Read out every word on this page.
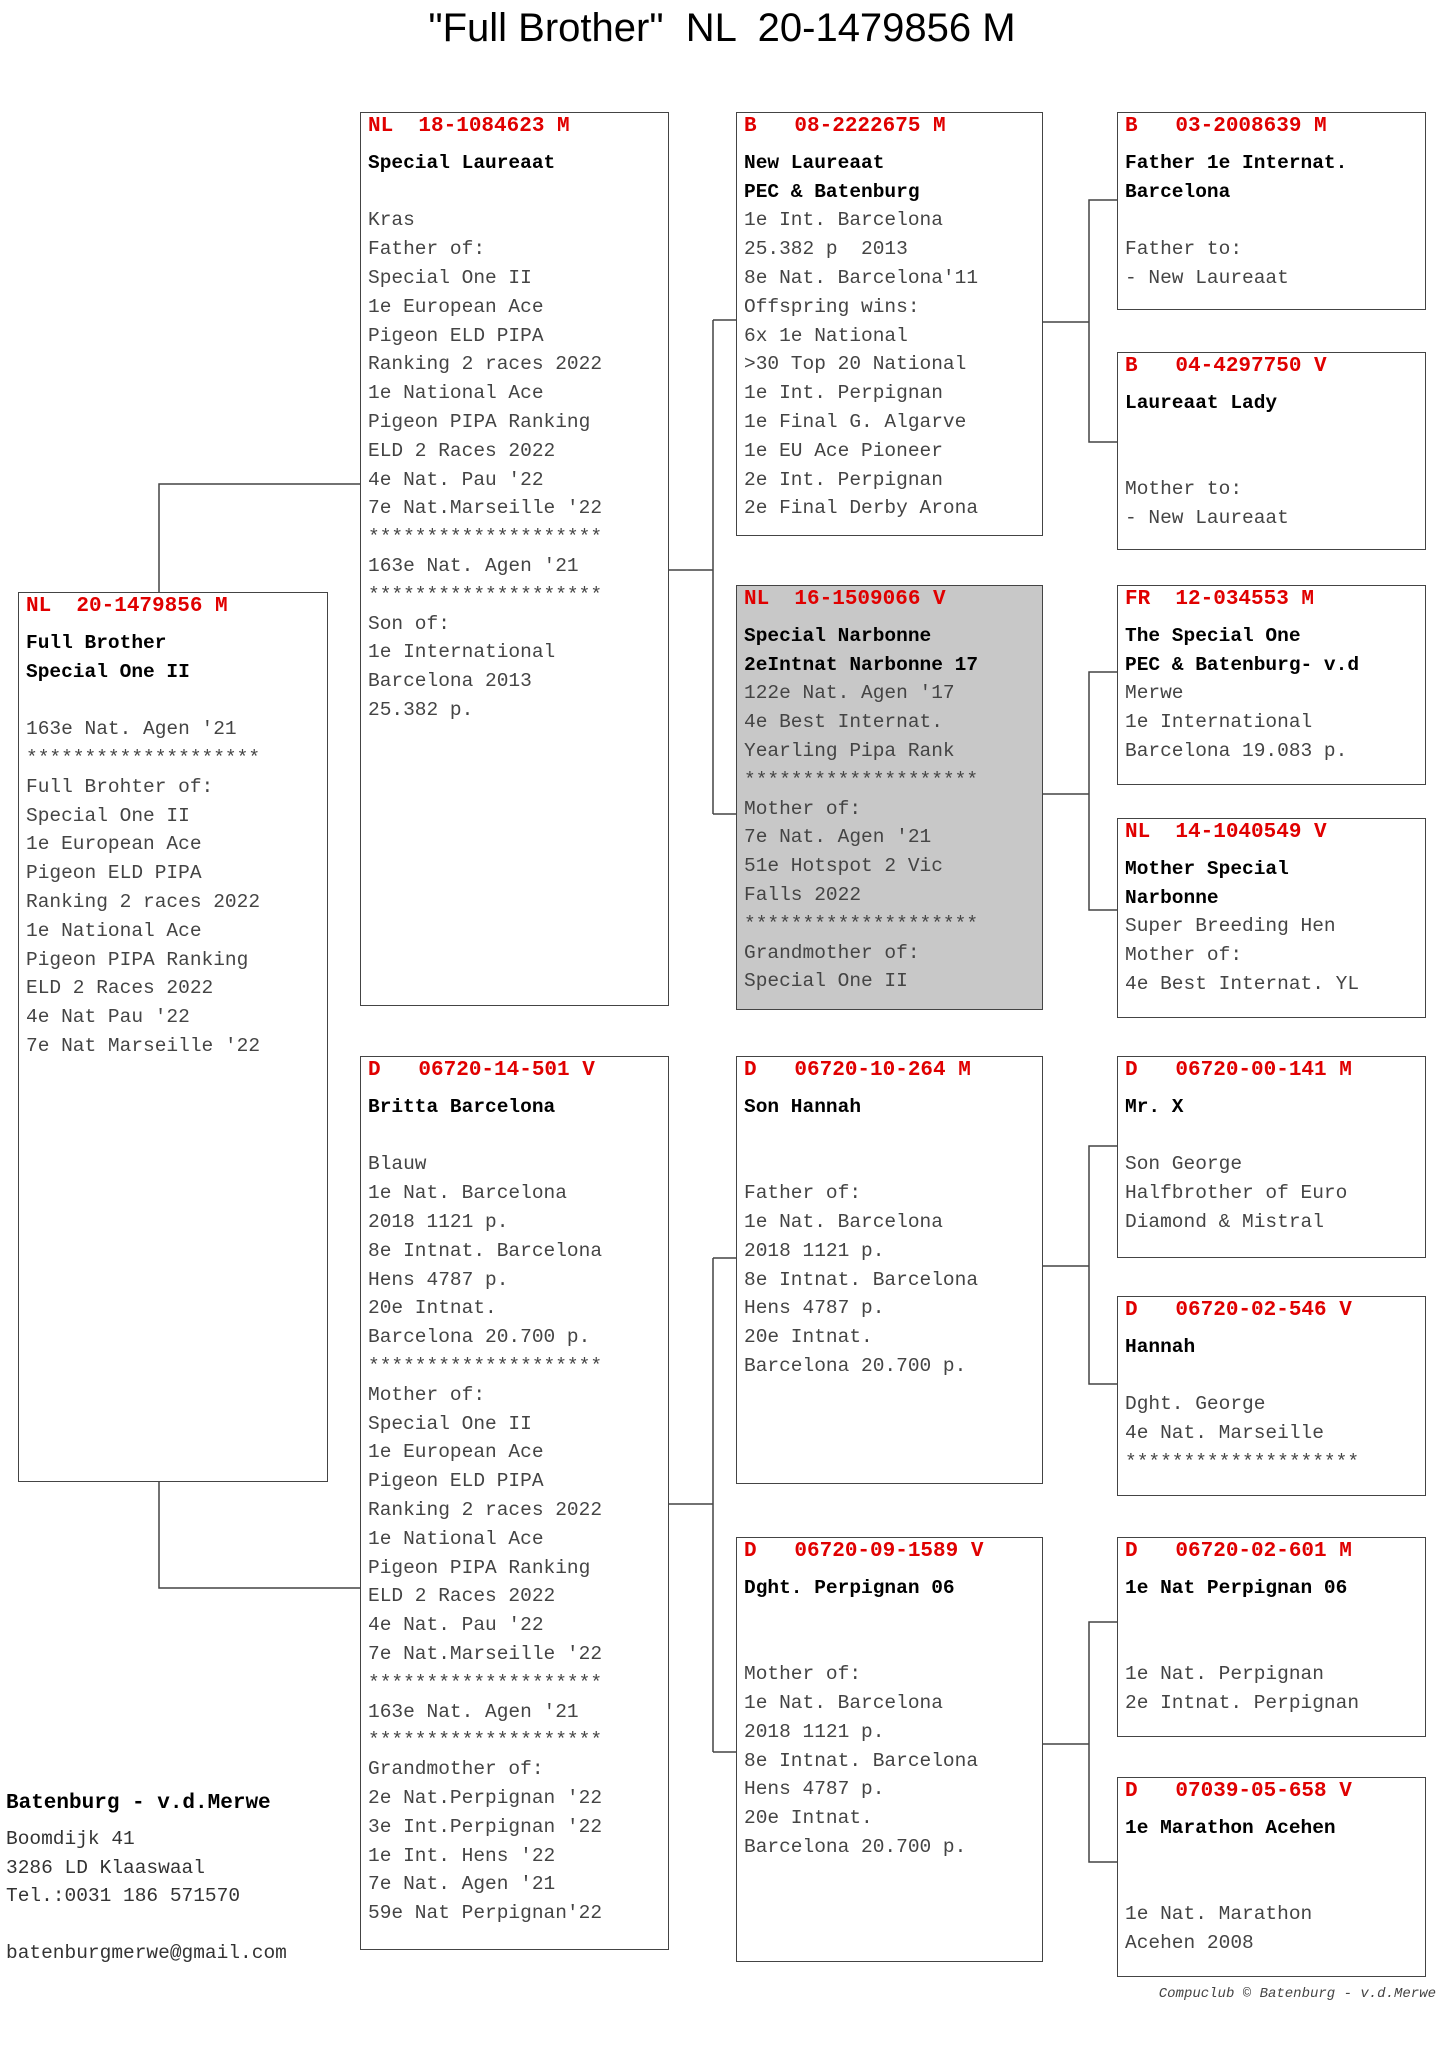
"Full Brother"  NL  20-1479856 M
NL  20-1479856 M
Full Brother
Special One II

163e Nat. Agen '21
********************
Full Brohter of:
Special One II
1e European Ace
Pigeon ELD PIPA
Ranking 2 races 2022
1e National Ace
Pigeon PIPA Ranking
ELD 2 Races 2022
4e Nat Pau '22
7e Nat Marseille '22
NL  18-1084623 M
Special Laureaat

Kras
Father of:
Special One II
1e European Ace
Pigeon ELD PIPA
Ranking 2 races 2022
1e National Ace
Pigeon PIPA Ranking
ELD 2 Races 2022
4e Nat. Pau '22
7e Nat.Marseille '22
********************
163e Nat. Agen '21
********************
Son of:
1e International
Barcelona 2013
25.382 p.
D   06720-14-501 V
Britta Barcelona

Blauw
1e Nat. Barcelona
2018 1121 p.
8e Intnat. Barcelona
Hens 4787 p.
20e Intnat.
Barcelona 20.700 p.
********************
Mother of:
Special One II
1e European Ace
Pigeon ELD PIPA
Ranking 2 races 2022
1e National Ace
Pigeon PIPA Ranking
ELD 2 Races 2022
4e Nat. Pau '22
7e Nat.Marseille '22
********************
163e Nat. Agen '21
********************
Grandmother of:
2e Nat.Perpignan '22
3e Int.Perpignan '22
1e Int. Hens '22
7e Nat. Agen '21
59e Nat Perpignan'22
B   08-2222675 M
New Laureaat
PEC & Batenburg
1e Int. Barcelona
25.382 p  2013
8e Nat. Barcelona'11
Offspring wins:
6x 1e National
>30 Top 20 National
1e Int. Perpignan
1e Final G. Algarve
1e EU Ace Pioneer
2e Int. Perpignan
2e Final Derby Arona
NL  16-1509066 V
Special Narbonne
2eIntnat Narbonne 17
122e Nat. Agen '17
4e Best Internat.
Yearling Pipa Rank
********************
Mother of:
7e Nat. Agen '21
51e Hotspot 2 Vic
Falls 2022
********************
Grandmother of:
Special One II
D   06720-10-264 M
Son Hannah

Father of:
1e Nat. Barcelona
2018 1121 p.
8e Intnat. Barcelona
Hens 4787 p.
20e Intnat.
Barcelona 20.700 p.
D   06720-09-1589 V
Dght. Perpignan 06

Mother of:
1e Nat. Barcelona
2018 1121 p.
8e Intnat. Barcelona
Hens 4787 p.
20e Intnat.
Barcelona 20.700 p.
B   03-2008639 M
Father 1e Internat.
Barcelona

Father to:
- New Laureaat
B   04-4297750 V
Laureaat Lady

Mother to:
- New Laureaat
FR  12-034553 M
The Special One
PEC & Batenburg- v.d
Merwe
1e International
Barcelona 19.083 p.
NL  14-1040549 V
Mother Special
Narbonne
Super Breeding Hen
Mother of:
4e Best Internat. YL
D   06720-00-141 M
Mr. X

Son George
Halfbrother of Euro
Diamond & Mistral
D   06720-02-546 V
Hannah

Dght. George
4e Nat. Marseille
********************
D   06720-02-601 M
1e Nat Perpignan 06

1e Nat. Perpignan
2e Intnat. Perpignan
D   07039-05-658 V
1e Marathon Acehen

1e Nat. Marathon
Acehen 2008
Batenburg - v.d.Merwe
Boomdijk 41
3286 LD Klaaswaal
Tel.:0031 186 571570
batenburgmerwe@gmail.com
Compuclub © Batenburg - v.d.Merwe
